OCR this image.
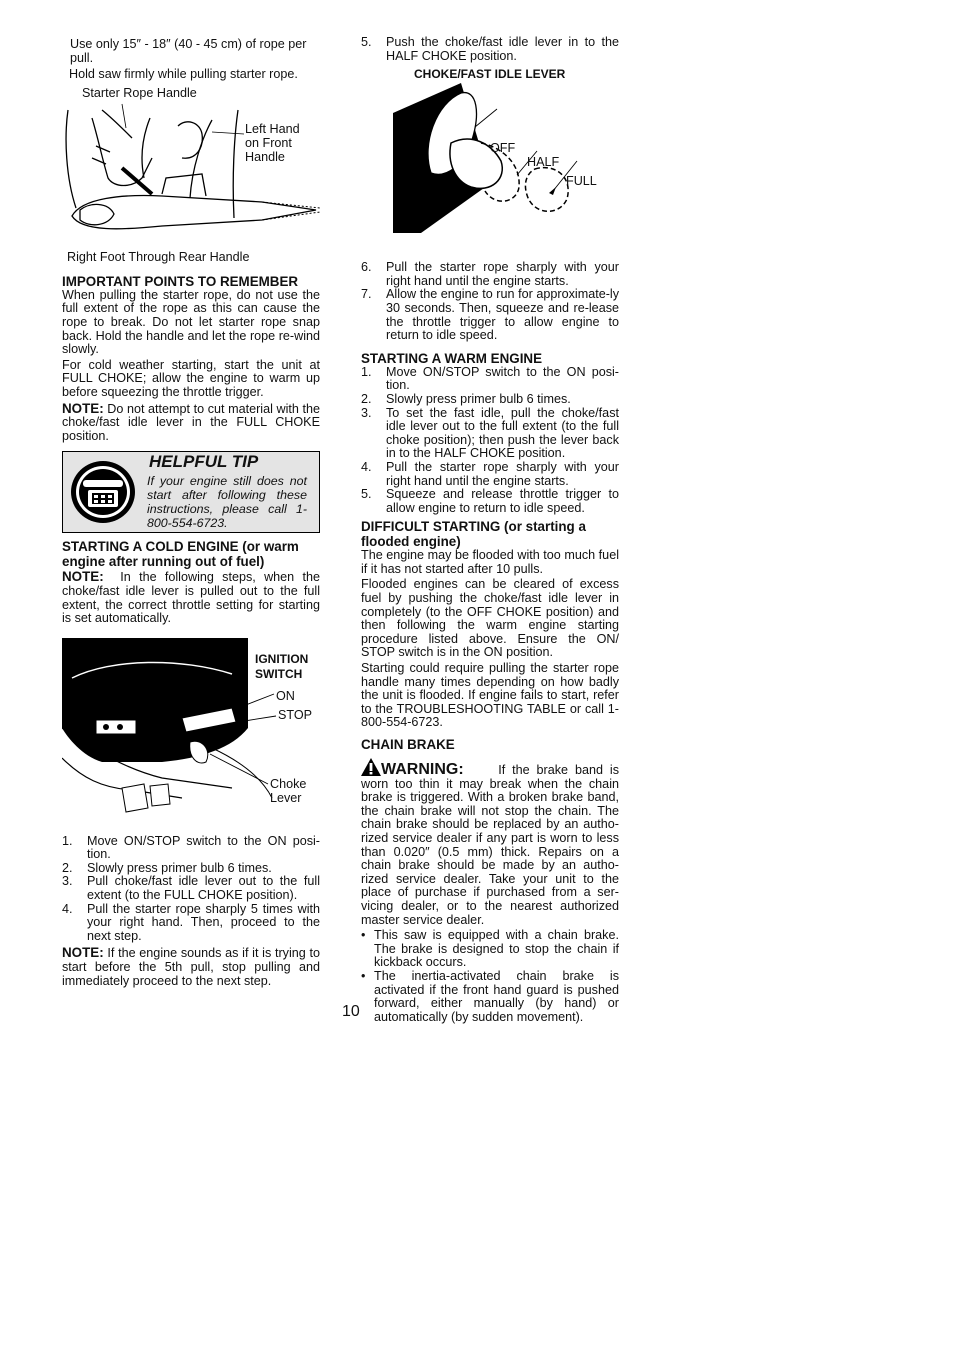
Use only 15″ - 18″ (40 - 45 cm) of rope per pull.

Hold saw firmly while pulling starter rope.

Starter Rope Handle
Left Hand on Front Handle
Right Foot Through Rear Handle
IMPORTANT POINTS TO REMEMBER

When pulling the starter rope, do not use the full extent of the rope as this can cause the rope to break. Do not let starter rope snap back. Hold the handle and let the rope re-wind slowly.

For cold weather starting, start the unit at FULL CHOKE; allow the engine to warm up before squeezing the throttle trigger.

NOTE: Do not attempt to cut material with the choke/fast idle lever in the FULL CHOKE position.

HELPFUL TIP
If your engine still does not start after following these instructions, please call 1-800-554-6723.
STARTING A COLD ENGINE (or warm engine after running out of fuel)

NOTE: In the following steps, when the choke/fast idle lever is pulled out to the full extent, the correct throttle setting for starting is set automatically.

IGNITION SWITCH
ON
STOP
Choke Lever
1. Move ON/STOP switch to the ON posi-tion.
2. Slowly press primer bulb 6 times.
3. Pull choke/fast idle lever out to the full extent (to the FULL CHOKE position).
4. Pull the starter rope sharply 5 times with your right hand. Then, proceed to the next step.

NOTE: If the engine sounds as if it is trying to start before the 5th pull, stop pulling and immediately proceed to the next step.

5. Push the choke/fast idle lever in to the HALF CHOKE position.
CHOKE/FAST IDLE LEVER
OFF
HALF
FULL
6. Pull the starter rope sharply with your right hand until the engine starts.
7. Allow the engine to run for approximate-ly 30 seconds. Then, squeeze and re-lease the throttle trigger to allow engine to return to idle speed.
STARTING A WARM ENGINE
1. Move ON/STOP switch to the ON posi-tion.
2. Slowly press primer bulb 6 times.
3. To set the fast idle, pull the choke/fast idle lever out to the full extent (to the full choke position); then push the lever back in to the HALF CHOKE position.
4. Pull the starter rope sharply with your right hand until the engine starts.
5. Squeeze and release throttle trigger to allow engine to return to idle speed.
DIFFICULT STARTING (or starting a flooded engine)

The engine may be flooded with too much fuel if it has not started after 10 pulls.

Flooded engines can be cleared of excess fuel by pushing the choke/fast idle lever in completely (to the OFF CHOKE position) and then following the warm engine starting procedure listed above. Ensure the ON/ STOP switch is in the ON position.

Starting could require pulling the starter rope handle many times depending on how badly the unit is flooded. If engine fails to start, refer to the TROUBLESHOOTING TABLE or call 1-800-554-6723.

CHAIN BRAKE

WARNING:	If the brake band is worn too thin it may break when the chain brake is triggered. With a broken brake band, the chain brake will not stop the chain. The chain brake should be replaced by an autho-rized service dealer if any part is worn to less than 0.020″ (0.5 mm) thick. Repairs on a chain brake should be made by an autho-rized service dealer. Take your unit to the place of purchase if purchased from a ser-vicing dealer, or to the nearest authorized master service dealer.

• This saw is equipped with a chain brake. The brake is designed to stop the chain if kickback occurs.
• The inertia-activated chain brake is activated if the front hand guard is pushed forward, either manually (by hand) or automatically (by sudden movement).
10
